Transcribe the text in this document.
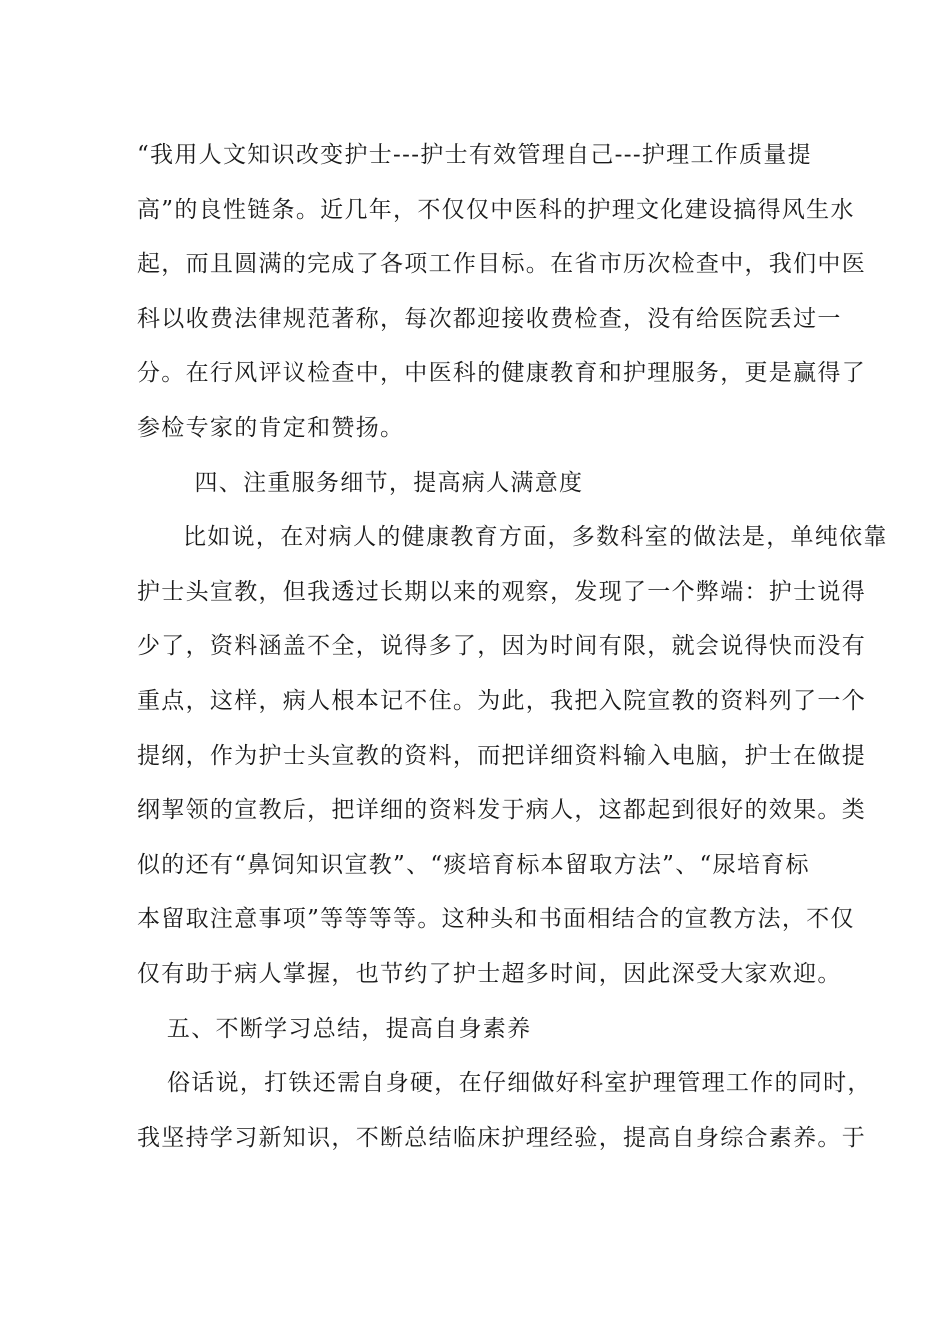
“我用人文知识改变护士---护士有效管理自己---护理工作质量提
高”的良性链条。近几年，不仅仅中医科的护理文化建设搞得风生水
起，而且圆满的完成了各项工作目标。在省市历次检查中，我们中医
科以收费法律规范著称，每次都迎接收费检查，没有给医院丢过一
分。在行风评议检查中，中医科的健康教育和护理服务，更是赢得了
参检专家的肯定和赞扬。
四、注重服务细节，提高病人满意度
比如说，在对病人的健康教育方面，多数科室的做法是，单纯依靠
护士头宣教，但我透过长期以来的观察，发现了一个弊端：护士说得
少了，资料涵盖不全，说得多了，因为时间有限，就会说得快而没有
重点，这样，病人根本记不住。为此，我把入院宣教的资料列了一个
提纲，作为护士头宣教的资料，而把详细资料输入电脑，护士在做提
纲挈领的宣教后，把详细的资料发于病人，这都起到很好的效果。类
似的还有“鼻饲知识宣教”、“痰培育标本留取方法”、“尿培育标
本留取注意事项”等等等等。这种头和书面相结合的宣教方法，不仅
仅有助于病人掌握，也节约了护士超多时间，因此深受大家欢迎。
五、不断学习总结，提高自身素养
俗话说，打铁还需自身硬，在仔细做好科室护理管理工作的同时，
我坚持学习新知识，不断总结临床护理经验，提高自身综合素养。于
